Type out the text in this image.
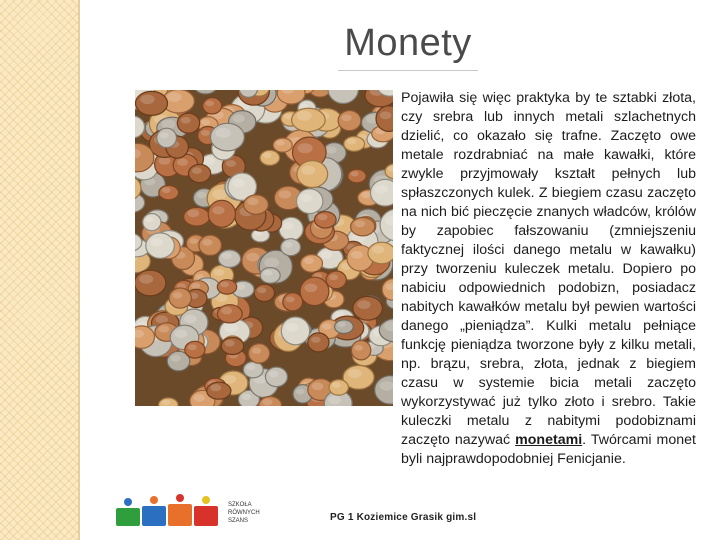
Monety

Pojawiła się więc praktyka by te sztabki złota, czy srebra lub innych metali szlachetnych dzielić, co okazało się trafne. Zaczęto owe metale rozdrabniać na małe kawałki, które zwykle przyjmowały kształt pełnych lub spłaszczonych kulek. Z biegiem czasu zaczęto na nich bić pieczęcie znanych władców, królów by zapobiec fałszowaniu (zmniejszeniu faktycznej ilości danego metalu w kawałku) przy tworzeniu kuleczek metalu. Dopiero po nabiciu odpowiednich podobizn, posiadacz nabitych kawałków metalu był pewien wartości danego „pieniądza”. Kulki metalu pełniące funkcję pieniądza tworzone były z kilku metali, np. brązu, srebra, złota, jednak z biegiem czasu w systemie bicia metali zaczęto wykorzystywać już tylko złoto i srebro. Takie kuleczki metalu z nabitymi podobiznami zaczęto nazywać monetami. Twórcami monet byli najprawdopodobniej Fenicjanie.

SZKOŁA
RÓWNYCH
SZANS	PG 1 Koziemice Grasik gim.sl
